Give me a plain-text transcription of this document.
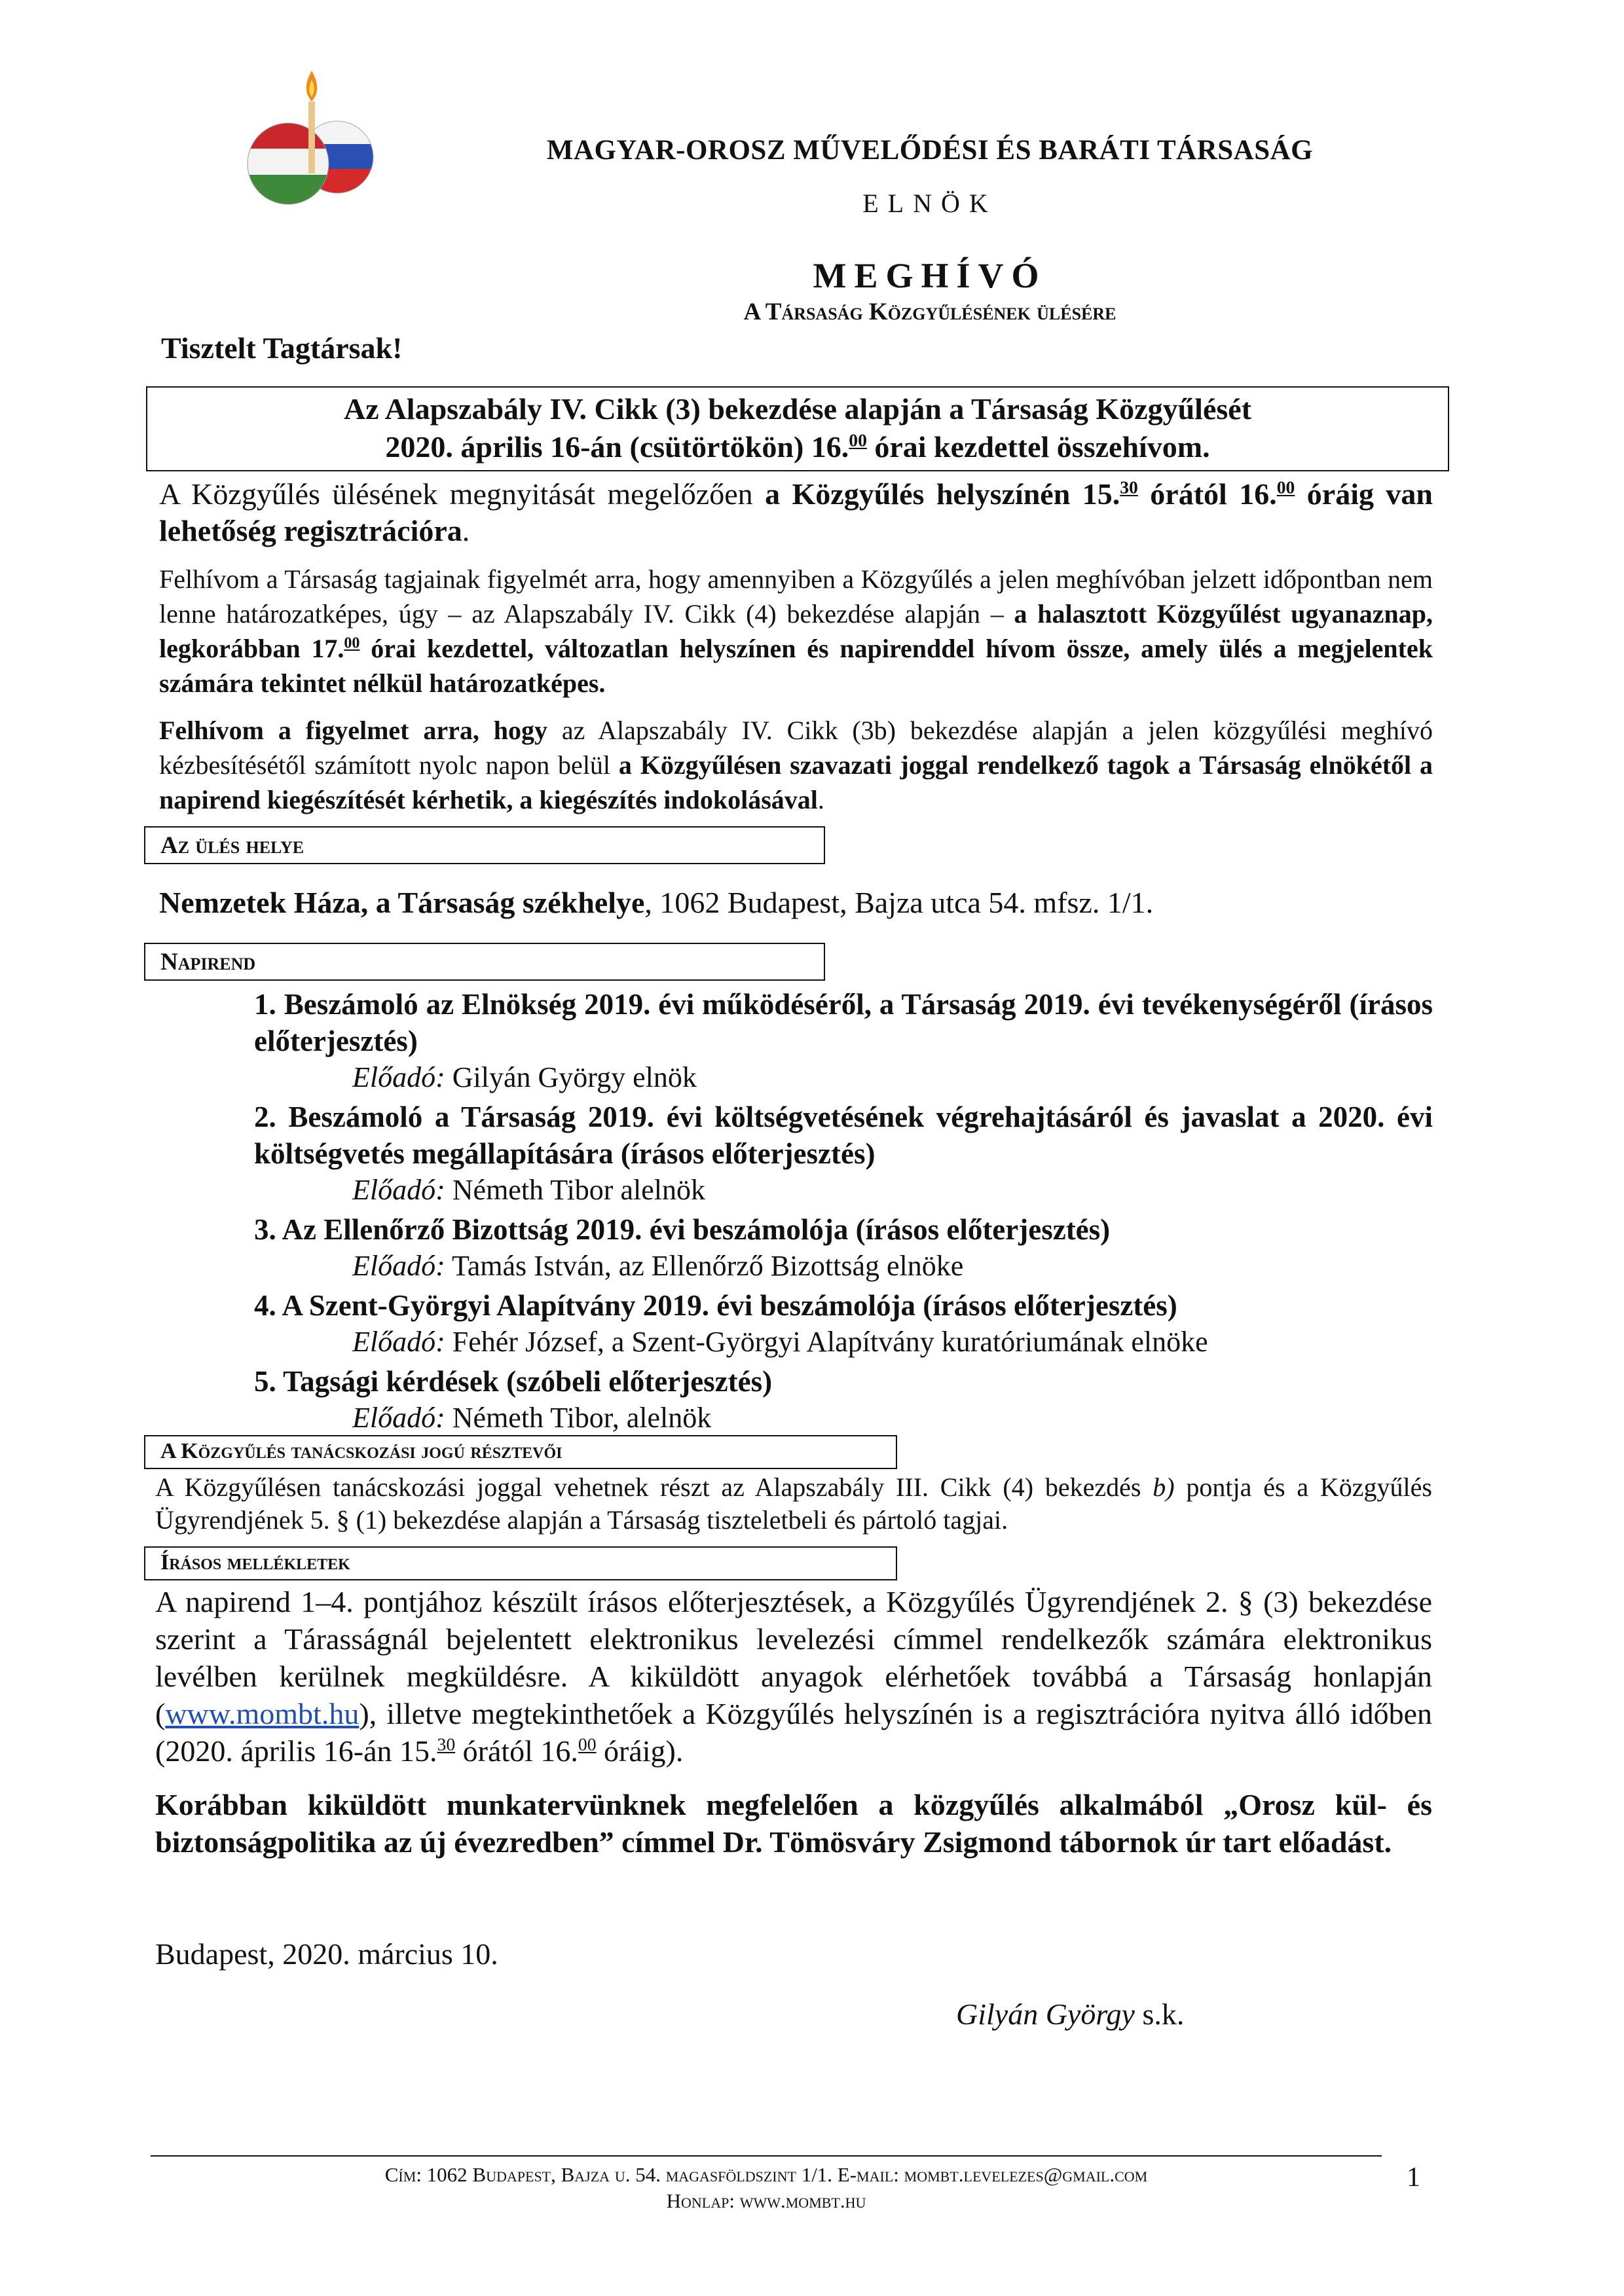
MAGYAR-OROSZ MŰVELŐDÉSI ÉS BARÁTI TÁRSASÁG
ELNÖK
MEGHÍVÓ
A Társaság Közgyűlésének ülésére
Tisztelt Tagtársak!
Az Alapszabály IV. Cikk (3) bekezdése alapján a Társaság Közgyűlését
2020. április 16-án (csütörtökön) 16.00 órai kezdettel összehívom.
A Közgyűlés ülésének megnyitását megelőzően a Közgyűlés helyszínén 15.30 órától 16.00 óráig van lehetőség regisztrációra.
Felhívom a Társaság tagjainak figyelmét arra, hogy amennyiben a Közgyűlés a jelen meghívóban jelzett időpontban nem lenne határozatképes, úgy – az Alapszabály IV. Cikk (4) bekezdése alapján – a halasztott Közgyűlést ugyanaznap, legkorábban 17.00 órai kezdettel, változatlan helyszínen és napirenddel hívom össze, amely ülés a megjelentek számára tekintet nélkül határozatképes.
Felhívom a figyelmet arra, hogy az Alapszabály IV. Cikk (3b) bekezdése alapján a jelen közgyűlési meghívó kézbesítésétől számított nyolc napon belül a Közgyűlésen szavazati joggal rendelkező tagok a Társaság elnökétől a napirend kiegészítését kérhetik, a kiegészítés indokolásával.
Az ülés helye
Nemzetek Háza, a Társaság székhelye, 1062 Budapest, Bajza utca 54. mfsz. 1/1.
Napirend
1. Beszámoló az Elnökség 2019. évi működéséről, a Társaság 2019. évi tevékenységéről (írásos előterjesztés)
Előadó: Gilyán György elnök
2. Beszámoló a Társaság 2019. évi költségvetésének végrehajtásáról és javaslat a 2020. évi költségvetés megállapítására (írásos előterjesztés)
Előadó: Németh Tibor alelnök
3. Az Ellenőrző Bizottság 2019. évi beszámolója (írásos előterjesztés)
Előadó: Tamás István, az Ellenőrző Bizottság elnöke
4. A Szent-Györgyi Alapítvány 2019. évi beszámolója (írásos előterjesztés)
Előadó: Fehér József, a Szent-Györgyi Alapítvány kuratóriumának elnöke
5. Tagsági kérdések (szóbeli előterjesztés)
Előadó: Németh Tibor, alelnök
A Közgyűlés tanácskozási jogú résztevői
A Közgyűlésen tanácskozási joggal vehetnek részt az Alapszabály III. Cikk (4) bekezdés b) pontja és a Közgyűlés Ügyrendjének 5. § (1) bekezdése alapján a Társaság tiszteletbeli és pártoló tagjai.
Írásos mellékletek
A napirend 1–4. pontjához készült írásos előterjesztések, a Közgyűlés Ügyrendjének 2. § (3) bekezdése szerint a Tárasságnál bejelentett elektronikus levelezési címmel rendelkezők számára elektronikus levélben kerülnek megküldésre. A kiküldött anyagok elérhetőek továbbá a Társaság honlapján (www.mombt.hu), illetve megtekinthetőek a Közgyűlés helyszínén is a regisztrációra nyitva álló időben (2020. április 16-án 15.30 órától 16.00 óráig).
Korábban kiküldött munkatervünknek megfelelően a közgyűlés alkalmából „Orosz kül- és biztonságpolitika az új évezredben” címmel Dr. Tömösváry Zsigmond tábornok úr tart előadást.
Budapest, 2020. március 10.
Gilyán György s.k.
Cím: 1062 Budapest, Bajza u. 54. magasföldszint 1/1. E-mail: mombt.levelezes@gmail.com
Honlap: www.mombt.hu
1
